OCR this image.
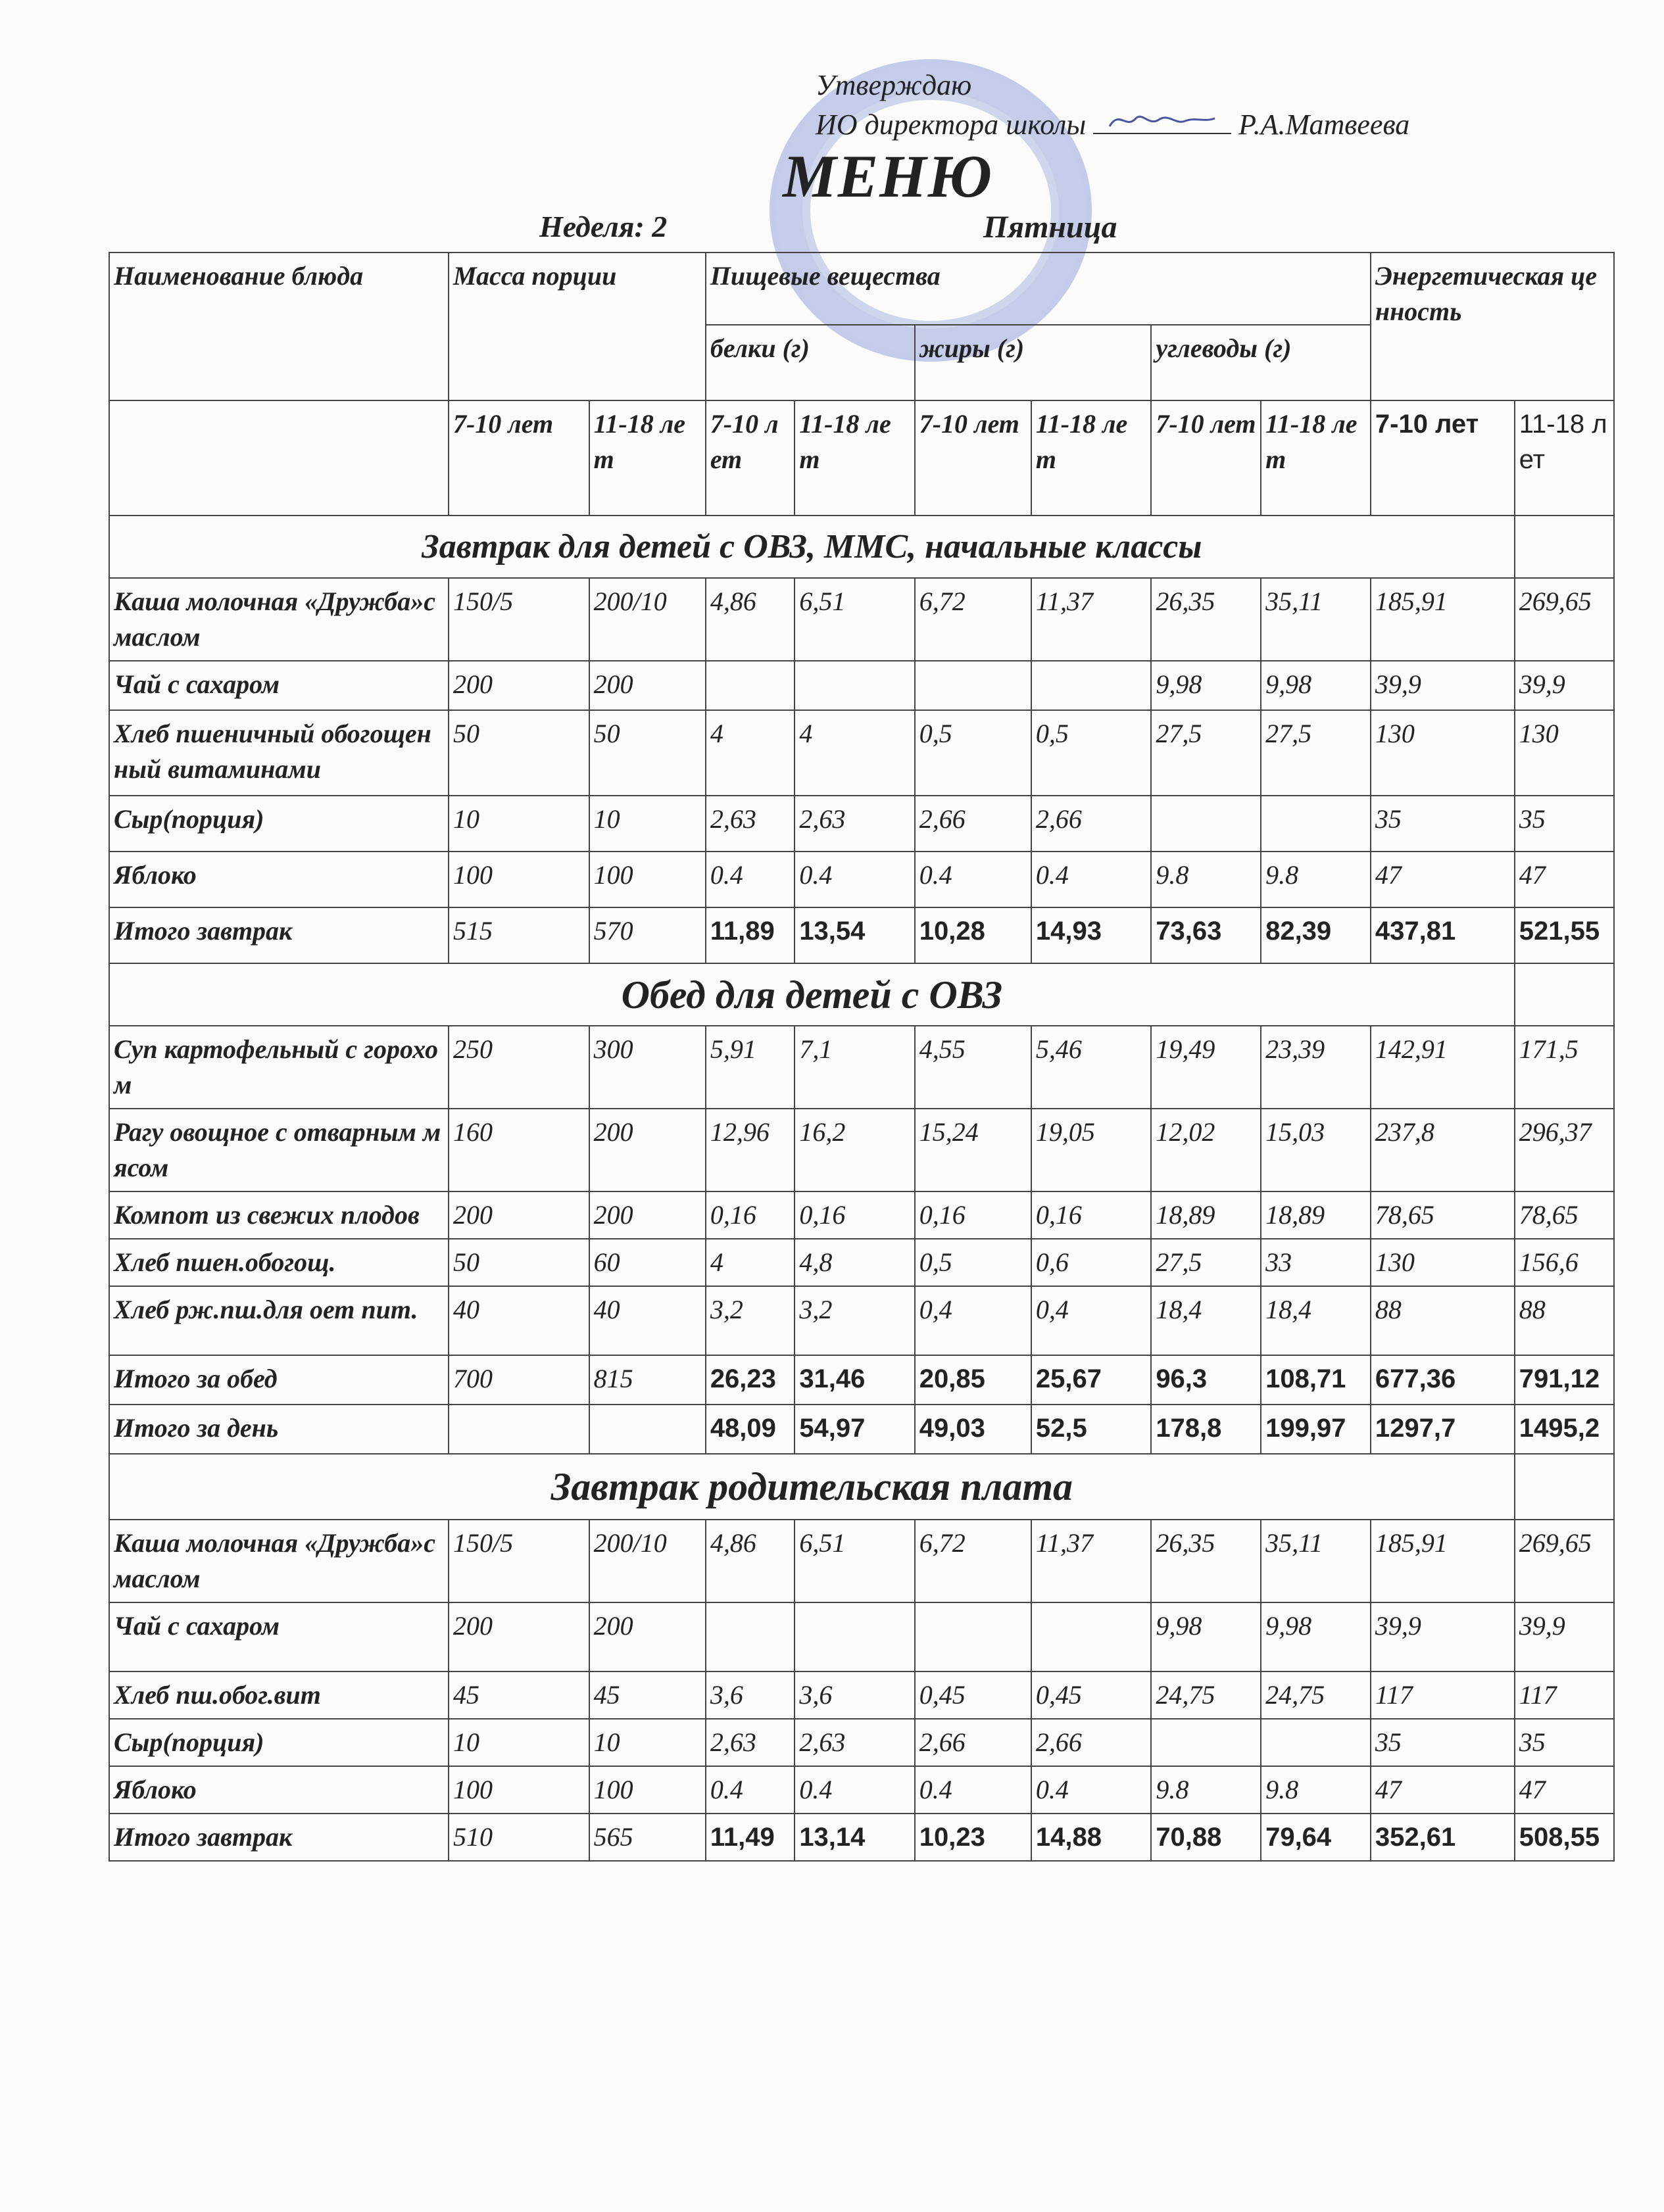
Утверждаю
ИО директора школы	Р.А.Матвеева
МЕНЮ
Неделя: 2	Пятница
Наименование блюда	Масса порции		Пищевые вещества						Энергетическая ценность	
			белки (г)		жиры (г)		углеводы (г)			
	7-10 лет	11-18 лет	7-10 лет	11-18 лет	7-10 лет	11-18 лет	7-10 лет	11-18 лет	7-10 лет	11-18 лет
Завтрак для детей с ОВЗ, ММС, начальные классы										
Каша молочная «Дружба»с маслом	150/5	200/10	4,86	6,51	6,72	11,37	26,35	35,11	185,91	269,65
Чай с сахаром	200	200					9,98	9,98	39,9	39,9
Хлеб пшеничный обогощенный витаминами	50	50	4	4	0,5	0,5	27,5	27,5	130	130
Сыр(порция)	10	10	2,63	2,63	2,66	2,66			35	35
Яблоко	100	100	0.4	0.4	0.4	0.4	9.8	9.8	47	47
Итого завтрак	515	570	11,89	13,54	10,28	14,93	73,63	82,39	437,81	521,55
Обед для детей с ОВЗ										
Суп картофельный с горохом	250	300	5,91	7,1	4,55	5,46	19,49	23,39	142,91	171,5
Рагу овощное с отварным мясом	160	200	12,96	16,2	15,24	19,05	12,02	15,03	237,8	296,37
Компот из свежих плодов	200	200	0,16	0,16	0,16	0,16	18,89	18,89	78,65	78,65
Хлеб пшен.обогощ.	50	60	4	4,8	0,5	0,6	27,5	33	130	156,6
Хлеб рж.пш.для оет пит.	40	40	3,2	3,2	0,4	0,4	18,4	18,4	88	88
Итого за обед	700	815	26,23	31,46	20,85	25,67	96,3	108,71	677,36	791,12
Итого за день			48,09	54,97	49,03	52,5	178,8	199,97	1297,7	1495,2
Завтрак родительская плата										
Каша молочная «Дружба»с маслом	150/5	200/10	4,86	6,51	6,72	11,37	26,35	35,11	185,91	269,65
Чай с сахаром	200	200					9,98	9,98	39,9	39,9
Хлеб пш.обог.вит	45	45	3,6	3,6	0,45	0,45	24,75	24,75	117	117
Сыр(порция)	10	10	2,63	2,63	2,66	2,66			35	35
Яблоко	100	100	0.4	0.4	0.4	0.4	9.8	9.8	47	47
Итого завтрак	510	565	11,49	13,14	10,23	14,88	70,88	79,64	352,61	508,55
